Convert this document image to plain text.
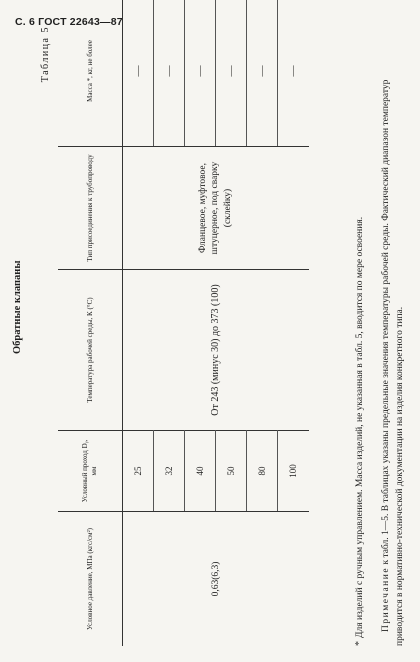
С. 6 ГОСТ 22643—87
Таблица 5
Обратные клапаны
Условное давление, МПа (кгс/см²)	Условный проход Dᵧ, мм	Температура рабочей среды, К (°С)	Тип присоединения к трубопроводу	Масса *, кг, не более
0,63(6,3)	25	От 243 (минус 30) до 373 (100)	Фланцевое, муфтовое, штуцерное, под сварку (склейку)	—
	32			—
	40			—
	50			—
	80			—
	100			—
*Для изделий с ручным управлением. Масса изделий, не указанная в табл. 5, вводится по мере освоения. Примечание к табл. 1—5. В таблицах указаны предельные значения температуры рабочей среды. Фактический диапазон температур приводится в нормативно-технической документации на изделия конкретного типа.
